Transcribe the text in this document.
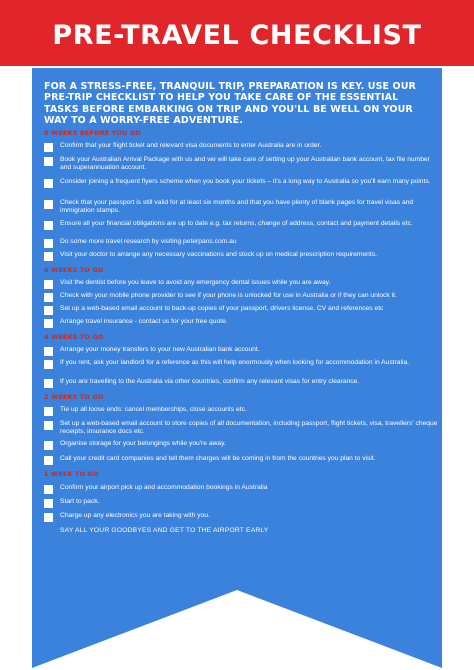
PRE-TRAVEL CHECKLIST
FOR A STRESS-FREE, TRANQUIL TRIP, PREPARATION IS KEY. USE OUR PRE-TRIP CHECKLIST TO HELP YOU TAKE CARE OF THE ESSENTIAL TASKS BEFORE EMBARKING ON TRIP AND YOU'LL BE WELL ON YOUR WAY TO A WORRY-FREE ADVENTURE.
8 WEEKS BEFORE YOU GO
Confirm that your flight ticket and relevant visa documents to enter Australia are in order.
Book your Australian Arrival Package with us and we will take care of setting up your Australian bank account, tax file number and superannuation account.
Consider joining a frequent flyers scheme when you book your tickets – it's a long way to Australia so you'll earn many points.
Check that your passport is still valid for at least six months and that you have plenty of blank pages for travel visas and immigration stamps.
Ensure all your financial obligations are up to date e.g. tax returns, change of address, contact and payment details etc.
Do some more travel research by visiting peterpans.com.au
Visit your doctor to arrange any necessary vaccinations and stock up on medical prescription requirements.
6 WEEKS TO GO
Visit the dentist before you leave to avoid any emergency dental issues while you are away.
Check with your mobile phone provider to see if your phone is unlocked for use in Australia or if they can unlock it.
Set up a web-based email account to back-up copies of your passport, drivers license, CV and references etc
Arrange travel insurance - contact us for your free quote.
4 WEEKS TO GO
Arrange your money transfers to your new Australian bank account.
If you rent, ask your landlord for a reference as this will help enormously when looking for accommodation in Australia.
If you are travelling to the Australia via other countries, confirm any relevant visas for entry clearance.
2 WEEKS TO GO
Tie up all loose ends: cancel memberships, close accounts etc.
Set up a web-based email account to store copies of all documentation, including passport, flight tickets, visa, travellers' cheque receipts, insurance docs etc.
Organise storage for your belongings while you're away.
Call your credit card companies and tell them charges will be coming in from the countries you plan to visit.
1 WEEK TO GO
Confirm your airport pick up and accommodation bookings in Australia
Start to pack.
Charge up any electronics you are taking with you.
SAY ALL YOUR GOODBYES AND GET TO THE AIRPORT EARLY
